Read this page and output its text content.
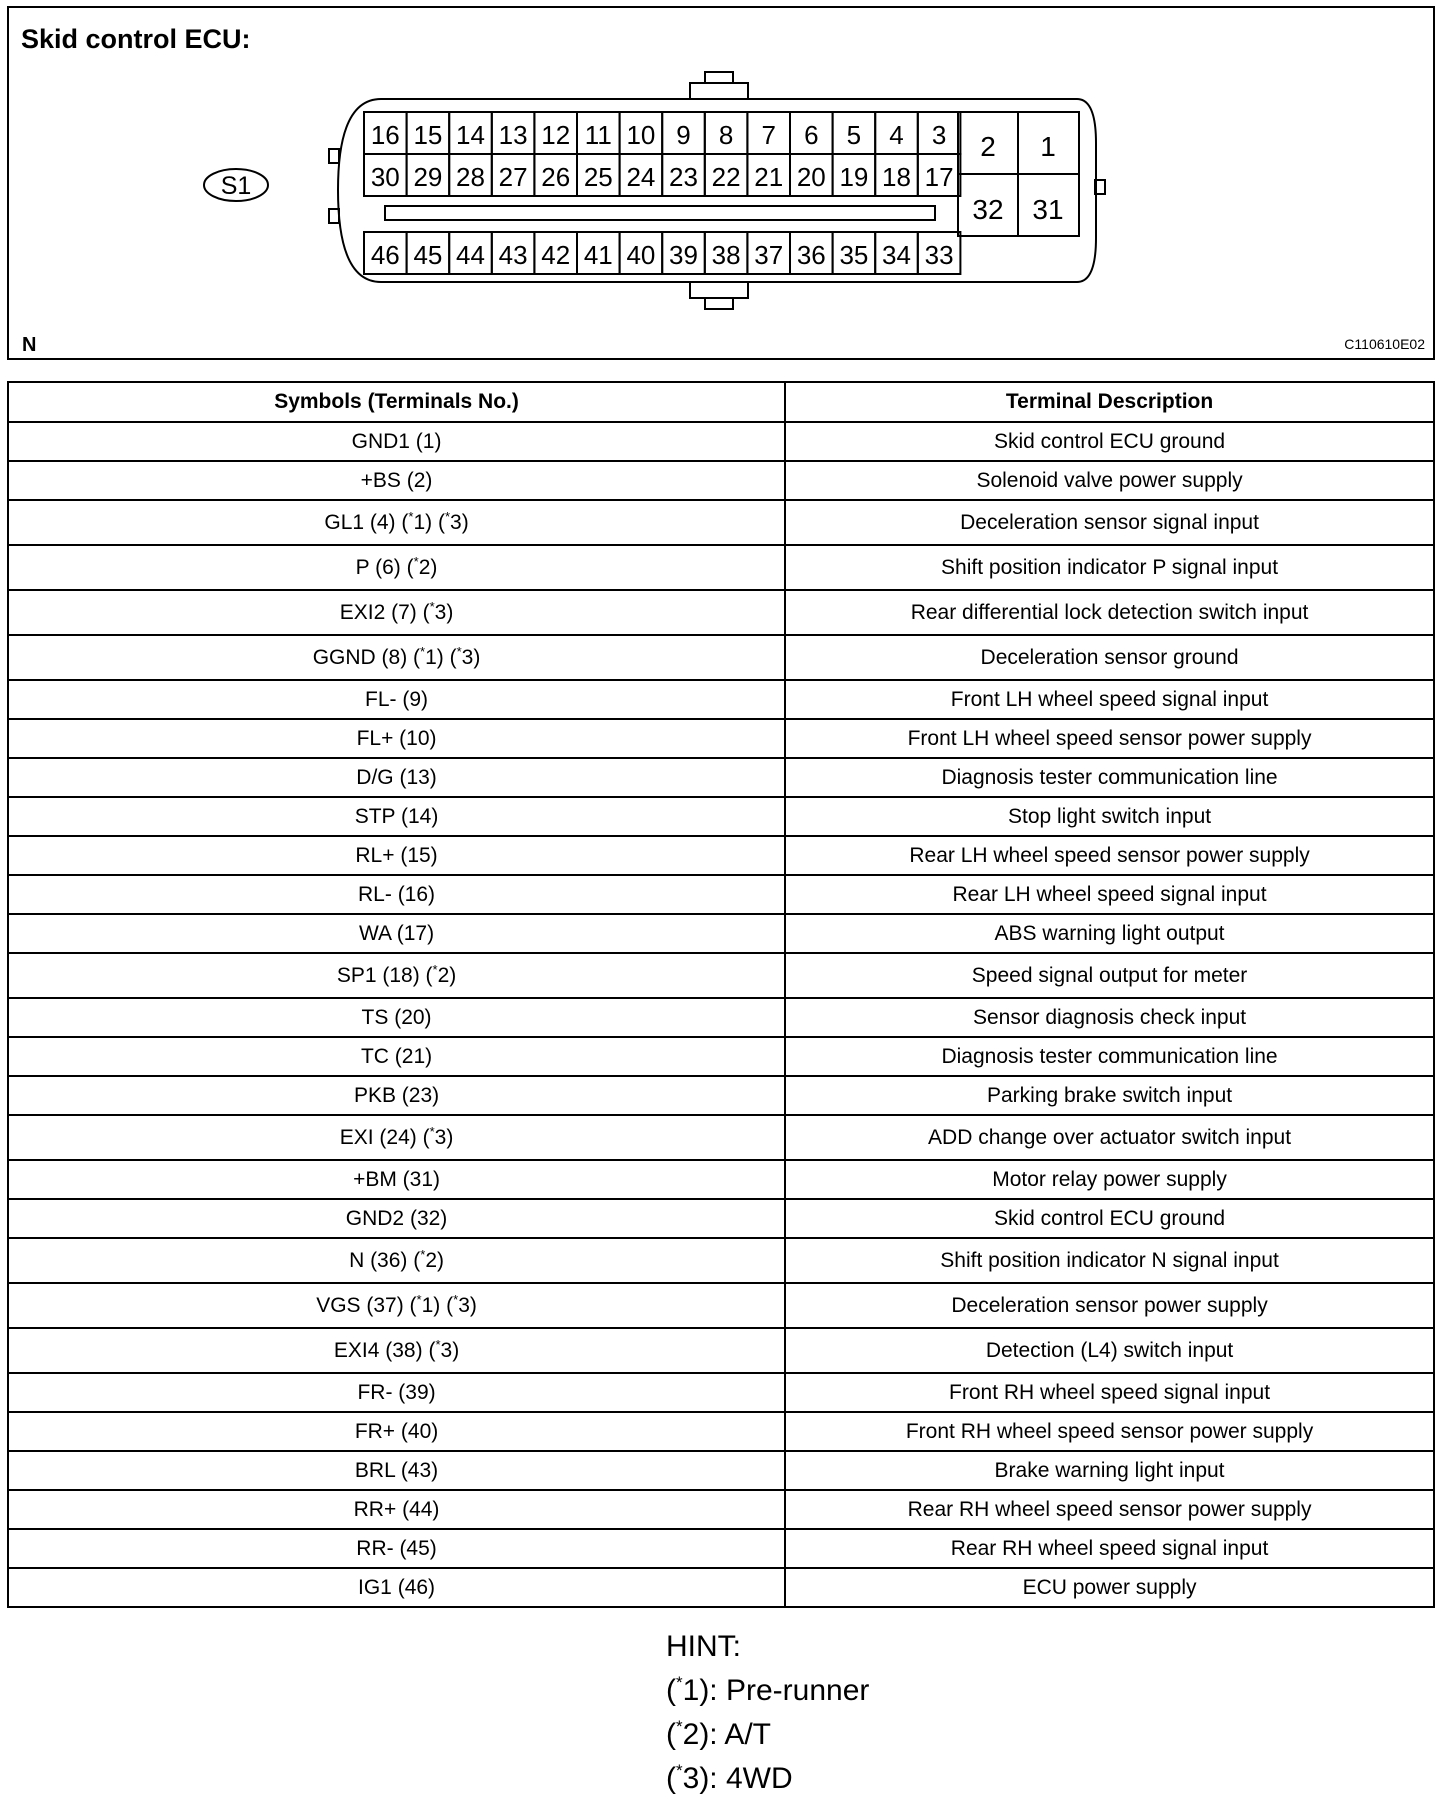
Skid control ECU:
S1
16 15 14 13 12 11 10 9 8 7 6 5 4 3
30 29 28 27 26 25 24 23 22 21 20 19 18 17
46 45 44 43 42 41 40 39 38 37 36 35 34 33
2 1
32 31
N	C110610E02
Symbols (Terminals No.)	Terminal Description
GND1 (1)	Skid control ECU ground
+BS (2)	Solenoid valve power supply
GL1 (4) (*1) (*3)	Deceleration sensor signal input
P (6) (*2)	Shift position indicator P signal input
EXI2 (7) (*3)	Rear differential lock detection switch input
GGND (8) (*1) (*3)	Deceleration sensor ground
FL- (9)	Front LH wheel speed signal input
FL+ (10)	Front LH wheel speed sensor power supply
D/G (13)	Diagnosis tester communication line
STP (14)	Stop light switch input
RL+ (15)	Rear LH wheel speed sensor power supply
RL- (16)	Rear LH wheel speed signal input
WA (17)	ABS warning light output
SP1 (18) (*2)	Speed signal output for meter
TS (20)	Sensor diagnosis check input
TC (21)	Diagnosis tester communication line
PKB (23)	Parking brake switch input
EXI (24) (*3)	ADD change over actuator switch input
+BM (31)	Motor relay power supply
GND2 (32)	Skid control ECU ground
N (36) (*2)	Shift position indicator N signal input
VGS (37) (*1) (*3)	Deceleration sensor power supply
EXI4 (38) (*3)	Detection (L4) switch input
FR- (39)	Front RH wheel speed signal input
FR+ (40)	Front RH wheel speed sensor power supply
BRL (43)	Brake warning light input
RR+ (44)	Rear RH wheel speed sensor power supply
RR- (45)	Rear RH wheel speed signal input
IG1 (46)	ECU power supply
HINT:
(*1): Pre-runner
(*2): A/T
(*3): 4WD
